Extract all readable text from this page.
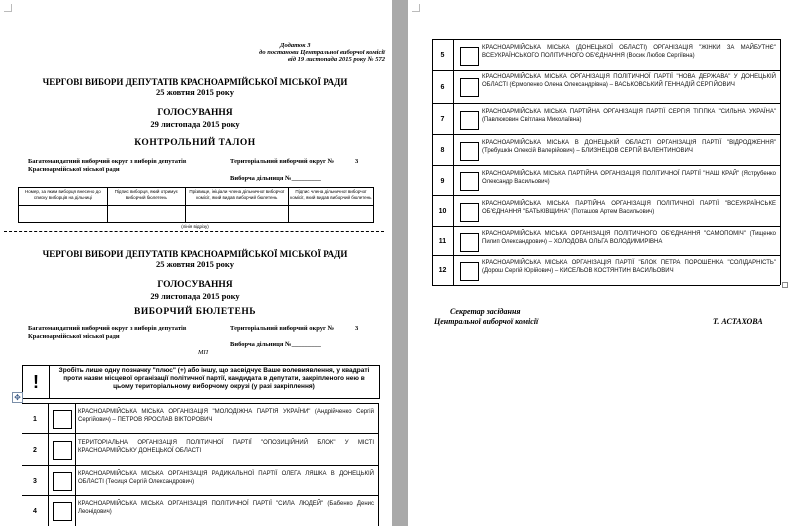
Додаток 3
до постанови Центральної виборчої комісії
від 19 листопада 2015 року № 572
ЧЕРГОВІ ВИБОРИ ДЕПУТАТІВ КРАСНОАРМІЙСЬКОЇ МІСЬКОЇ РАДИ
25 жовтня 2015 року
ГОЛОСУВАННЯ
29 листопада 2015 року
КОНТРОЛЬНИЙ ТАЛОН
Багатомандатний виборчий округ з виборів депутатів Красноармійської міської ради
Територіальний виборчий округ №	3
Виборча дільниця №_________
Номер, за яким виборця внесено до списку виборців на дільниці	Підпис виборця, який отримує виборчий бюлетень	Прізвище, ініціали члена дільничної виборчої комісії, який видав виборчий бюлетень	Підпис члена дільничної виборчої комісії, який видав виборчий бюлетень

(лінія відрізу)
ЧЕРГОВІ ВИБОРИ ДЕПУТАТІВ КРАСНОАРМІЙСЬКОЇ МІСЬКОЇ РАДИ
25 жовтня 2015 року
ГОЛОСУВАННЯ
29 листопада 2015 року
ВИБОРЧИЙ БЮЛЕТЕНЬ
Багатомандатний виборчий округ з виборів депутатів Красноармійської міської ради
Територіальний виборчий округ №	3
Виборча дільниця №_________
МП
!
Зробіть лише одну позначку "плюс" (+) або іншу, що засвідчує Ваше волевиявлення, у квадраті проти назви місцевої організації політичної партії, кандидата в депутати, закріпленого нею в цьому територіальному виборчому окрузі (у разі закріплення)
✥
1
КРАСНОАРМІЙСЬКА МІСЬКА ОРГАНІЗАЦІЯ "МОЛОДІЖНА ПАРТІЯ УКРАЇНИ" (Андрійченко Сергій Сергійович) – ПЕТРОВ ЯРОСЛАВ ВІКТОРОВИЧ
2
ТЕРИТОРІАЛЬНА ОРГАНІЗАЦІЯ ПОЛІТИЧНОЇ ПАРТІЇ "ОПОЗИЦІЙНИЙ БЛОК" У МІСТІ КРАСНОАРМІЙСЬКУ ДОНЕЦЬКОЇ ОБЛАСТІ
3
КРАСНОАРМІЙСЬКА МІСЬКА ОРГАНІЗАЦІЯ РАДИКАЛЬНОЇ ПАРТІЇ ОЛЕГА ЛЯШКА В ДОНЕЦЬКІЙ ОБЛАСТІ (Тесиця Сергій Олександрович)
4
КРАСНОАРМІЙСЬКА МІСЬКА ОРГАНІЗАЦІЯ ПОЛІТИЧНОЇ ПАРТІЇ "СИЛА ЛЮДЕЙ" (Бабенко Денис Леонідович)
5
КРАСНОАРМІЙСЬКА МІСЬКА (ДОНЕЦЬКОЇ ОБЛАСТІ) ОРГАНІЗАЦІЯ "ЖІНКИ ЗА МАЙБУТНЄ" ВСЕУКРАЇНСЬКОГО ПОЛІТИЧНОГО ОБ'ЄДНАННЯ (Восик Любов Сергіївна)
6
КРАСНОАРМІЙСЬКА МІСЬКА ОРГАНІЗАЦІЯ ПОЛІТИЧНОЇ ПАРТІЇ "НОВА ДЕРЖАВА" У ДОНЕЦЬКІЙ ОБЛАСТІ (Єрмоленко Олена Олександрівна) – ВАСЬКОВСЬКИЙ ГЕННАДІЙ СЕРГІЙОВИЧ
7
КРАСНОАРМІЙСЬКА МІСЬКА ПАРТІЙНА ОРГАНІЗАЦІЯ ПАРТІЇ СЕРГІЯ ТІГІПКА "СИЛЬНА УКРАЇНА" (Павлюковин Світлана Миколаївна)
8
КРАСНОАРМІЙСЬКА МІСЬКА В ДОНЕЦЬКІЙ ОБЛАСТІ ОРГАНІЗАЦІЯ ПАРТІЇ "ВІДРОДЖЕННЯ" (Требушкін Олексій Валерійович) – БЛИЗНЕЦОВ СЕРГІЙ ВАЛЕНТИНОВИЧ
9
КРАСНОАРМІЙСЬКА МІСЬКА ПАРТІЙНА ОРГАНІЗАЦІЯ ПОЛІТИЧНОЇ ПАРТІЇ "НАШ КРАЙ" (Яструбенко Олександр Васильович)
10
КРАСНОАРМІЙСЬКА МІСЬКА ПАРТІЙНА ОРГАНІЗАЦІЯ ПОЛІТИЧНОЇ ПАРТІЇ "ВСЕУКРАЇНСЬКЕ ОБ'ЄДНАННЯ "БАТЬКІВЩИНА" (Поташов Артем Васильович)
11
КРАСНОАРМІЙСЬКА МІСЬКА ОРГАНІЗАЦІЯ ПОЛІТИЧНОГО ОБ'ЄДНАННЯ "САМОПОМІЧ" (Тищенко Пилип Олександрович) – ХОЛОДОВА ОЛЬГА ВОЛОДИМИРІВНА
12
КРАСНОАРМІЙСЬКА МІСЬКА ОРГАНІЗАЦІЯ ПАРТІЇ "БЛОК ПЕТРА ПОРОШЕНКА "СОЛІДАРНІСТЬ" (Дорош Сергій Юрійович) – КИСЕЛЬОВ КОСТЯНТИН ВАСИЛЬОВИЧ
Секретар засідання
Центральної виборчої комісії	Т. АСТАХОВА
